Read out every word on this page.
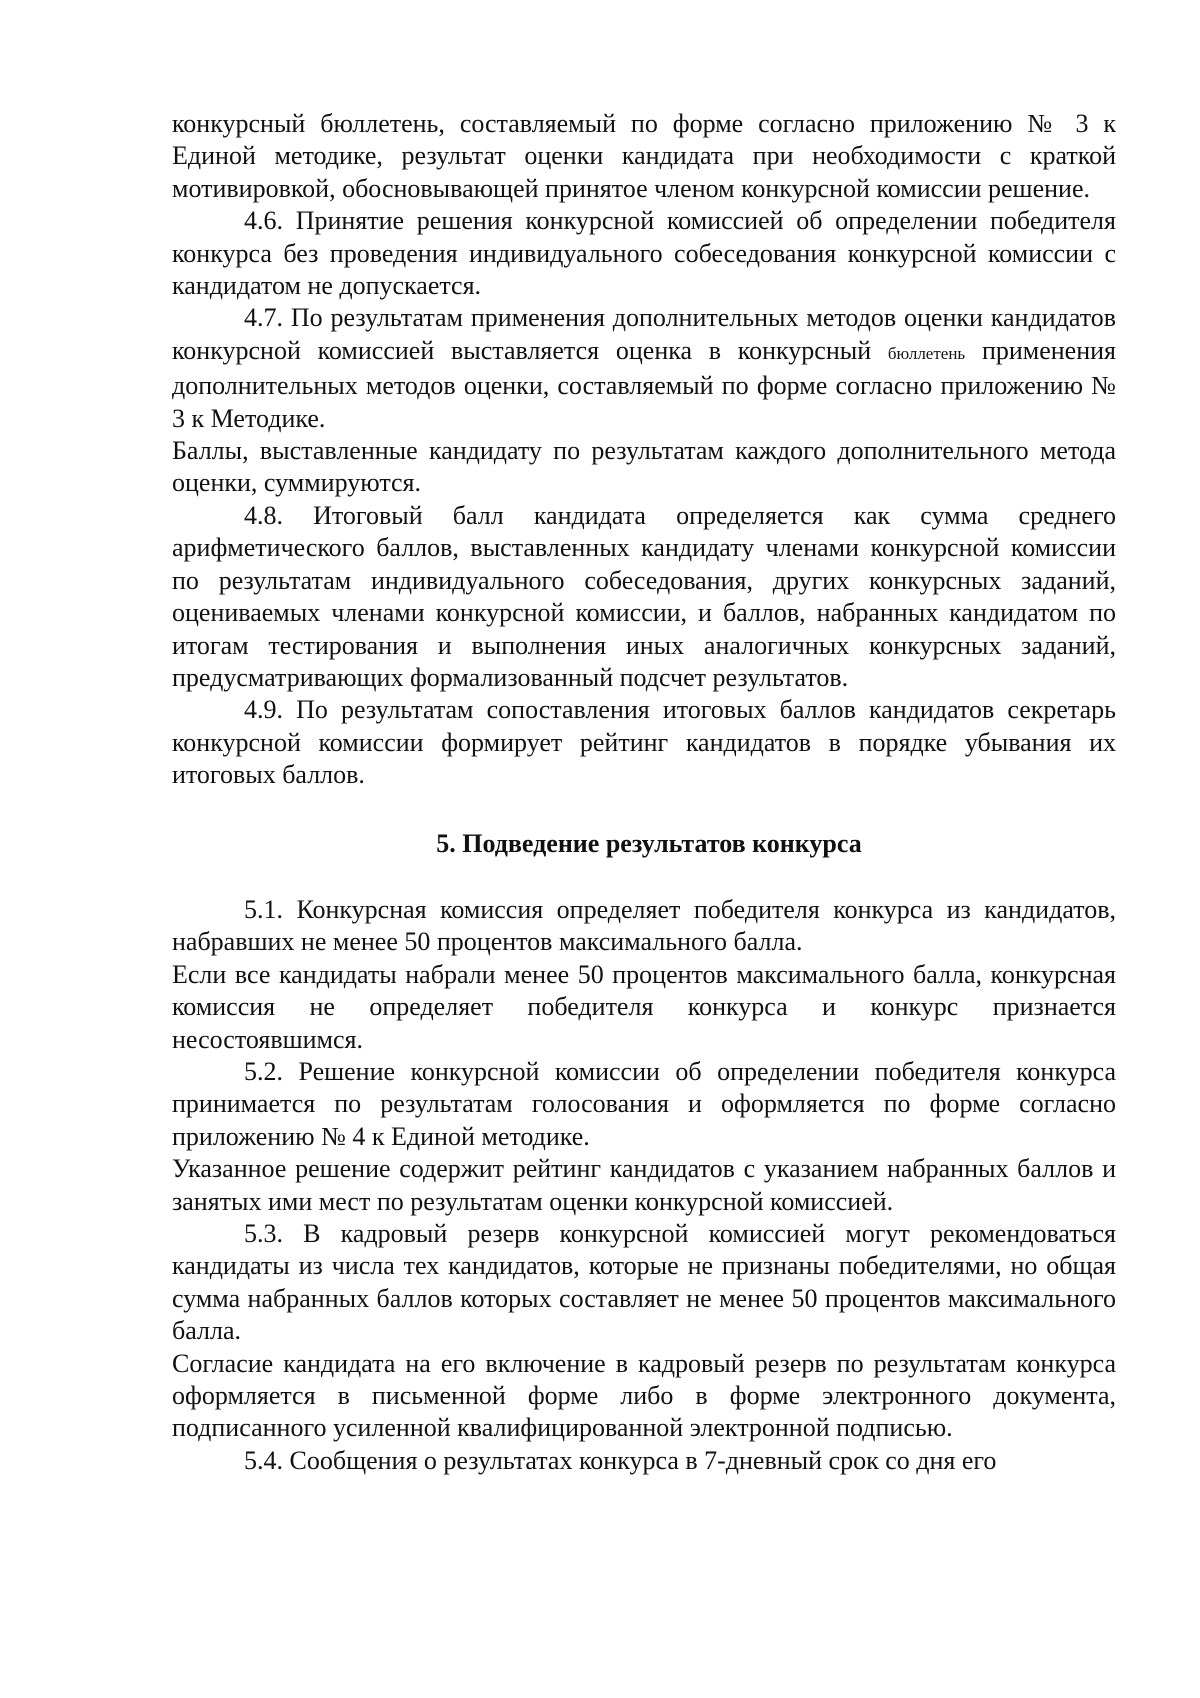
конкурсный бюллетень, составляемый по форме согласно приложению № 3 к Единой методике, результат оценки кандидата при необходимости с краткой мотивировкой, обосновывающей принятое членом конкурсной комиссии решение.

4.6. Принятие решения конкурсной комиссией об определении победителя конкурса без проведения индивидуального собеседования конкурсной комиссии с кандидатом не допускается.

4.7. По результатам применения дополнительных методов оценки кандидатов конкурсной комиссией выставляется оценка в конкурсный бюллетень применения дополнительных методов оценки, составляемый по форме согласно приложению № 3 к Методике.

Баллы, выставленные кандидату по результатам каждого дополнительного метода оценки, суммируются.

4.8. Итоговый балл кандидата определяется как сумма среднего арифметического баллов, выставленных кандидату членами конкурсной комиссии по результатам индивидуального собеседования, других конкурсных заданий, оцениваемых членами конкурсной комиссии, и баллов, набранных кандидатом по итогам тестирования и выполнения иных аналогичных конкурсных заданий, предусматривающих формализованный подсчет результатов.

4.9. По результатам сопоставления итоговых баллов кандидатов секретарь конкурсной комиссии формирует рейтинг кандидатов в порядке убывания их итоговых баллов.

5. Подведение результатов конкурса

5.1. Конкурсная комиссия определяет победителя конкурса из кандидатов, набравших не менее 50 процентов максимального балла.

Если все кандидаты набрали менее 50 процентов максимального балла, конкурсная комиссия не определяет победителя конкурса и конкурс признается несостоявшимся.

5.2. Решение конкурсной комиссии об определении победителя конкурса принимается по результатам голосования и оформляется по форме согласно приложению № 4 к Единой методике.

Указанное решение содержит рейтинг кандидатов с указанием набранных баллов и занятых ими мест по результатам оценки конкурсной комиссией.

5.3. В кадровый резерв конкурсной комиссией могут рекомендоваться кандидаты из числа тех кандидатов, которые не признаны победителями, но общая сумма набранных баллов которых составляет не менее 50 процентов максимального балла.

Согласие кандидата на его включение в кадровый резерв по результатам конкурса оформляется в письменной форме либо в форме электронного документа, подписанного усиленной квалифицированной электронной подписью.

5.4. Сообщения о результатах конкурса в 7-дневный срок со дня его
